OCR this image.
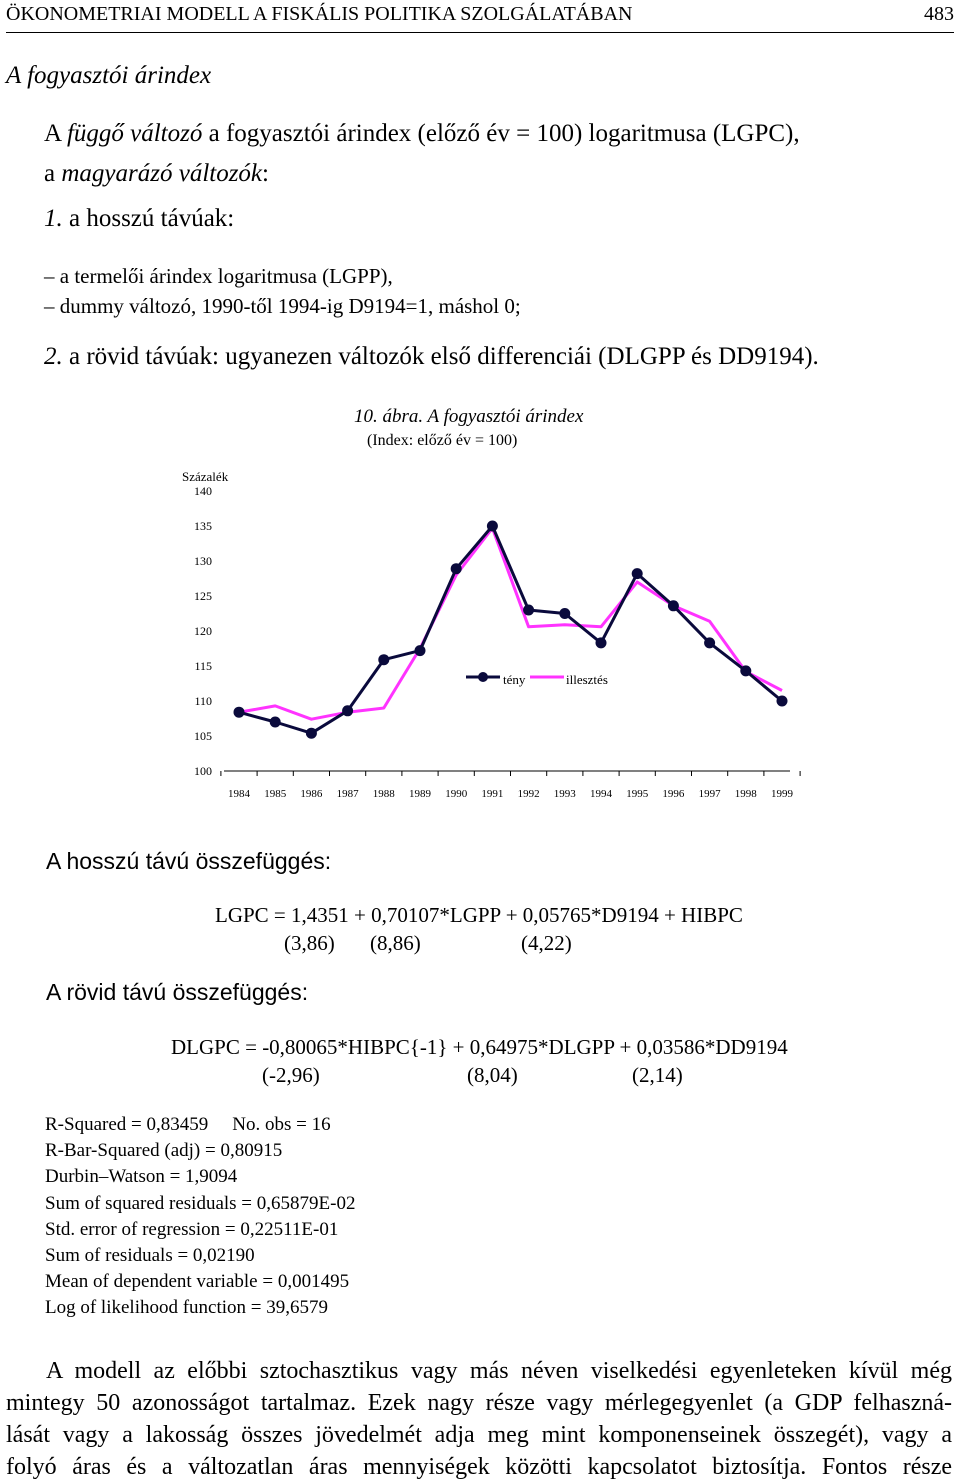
ÖKONOMETRIAI MODELL A FISKÁLIS POLITIKA SZOLGÁLATÁBAN	483
A fogyasztói árindex
A függő változó a fogyasztói árindex (előző év = 100) logaritmusa (LGPC),
a magyarázó változók:
1. a hosszú távúak:
– a termelői árindex logaritmusa (LGPP),
– dummy változó, 1990-től 1994-ig D9194=1, máshol 0;
2. a rövid távúak: ugyanezen változók első differenciái (DLGPP és DD9194).
10. ábra. A fogyasztói árindex
(Index: előző év = 100)
Százalék
100
105
110
115
120
125
130
135
140
1984 1985 1986 1987 1988 1989 1990 1991 1992 1993 1994 1995 1996 1997 1998 1999
tény	illesztés
A hosszú távú összefüggés:
LGPC = 1,4351 + 0,70107*LGPP + 0,05765*D9194 + HIBPC
(3,86) (8,86)	(4,22)
A rövid távú összefüggés:
DLGPC = -0,80065*HIBPC{-1} + 0,64975*DLGPP + 0,03586*DD9194
(-2,96)	(8,04)	(2,14)
R-Squared = 0,83459 No. obs = 16
R-Bar-Squared (adj) = 0,80915
Durbin–Watson = 1,9094
Sum of squared residuals = 0,65879E-02
Std. error of regression = 0,22511E-01
Sum of residuals = 0,02190
Mean of dependent variable = 0,001495
Log of likelihood function = 39,6579
A modell az előbbi sztochasztikus vagy más néven viselkedési egyenleteken kívül még
mintegy 50 azonosságot tartalmaz. Ezek nagy része vagy mérlegegyenlet (a GDP felhaszná-
lását vagy a lakosság összes jövedelmét adja meg mint komponenseinek összegét), vagy a
folyó áras és a változatlan áras mennyiségek közötti kapcsolatot biztosítja. Fontos része
